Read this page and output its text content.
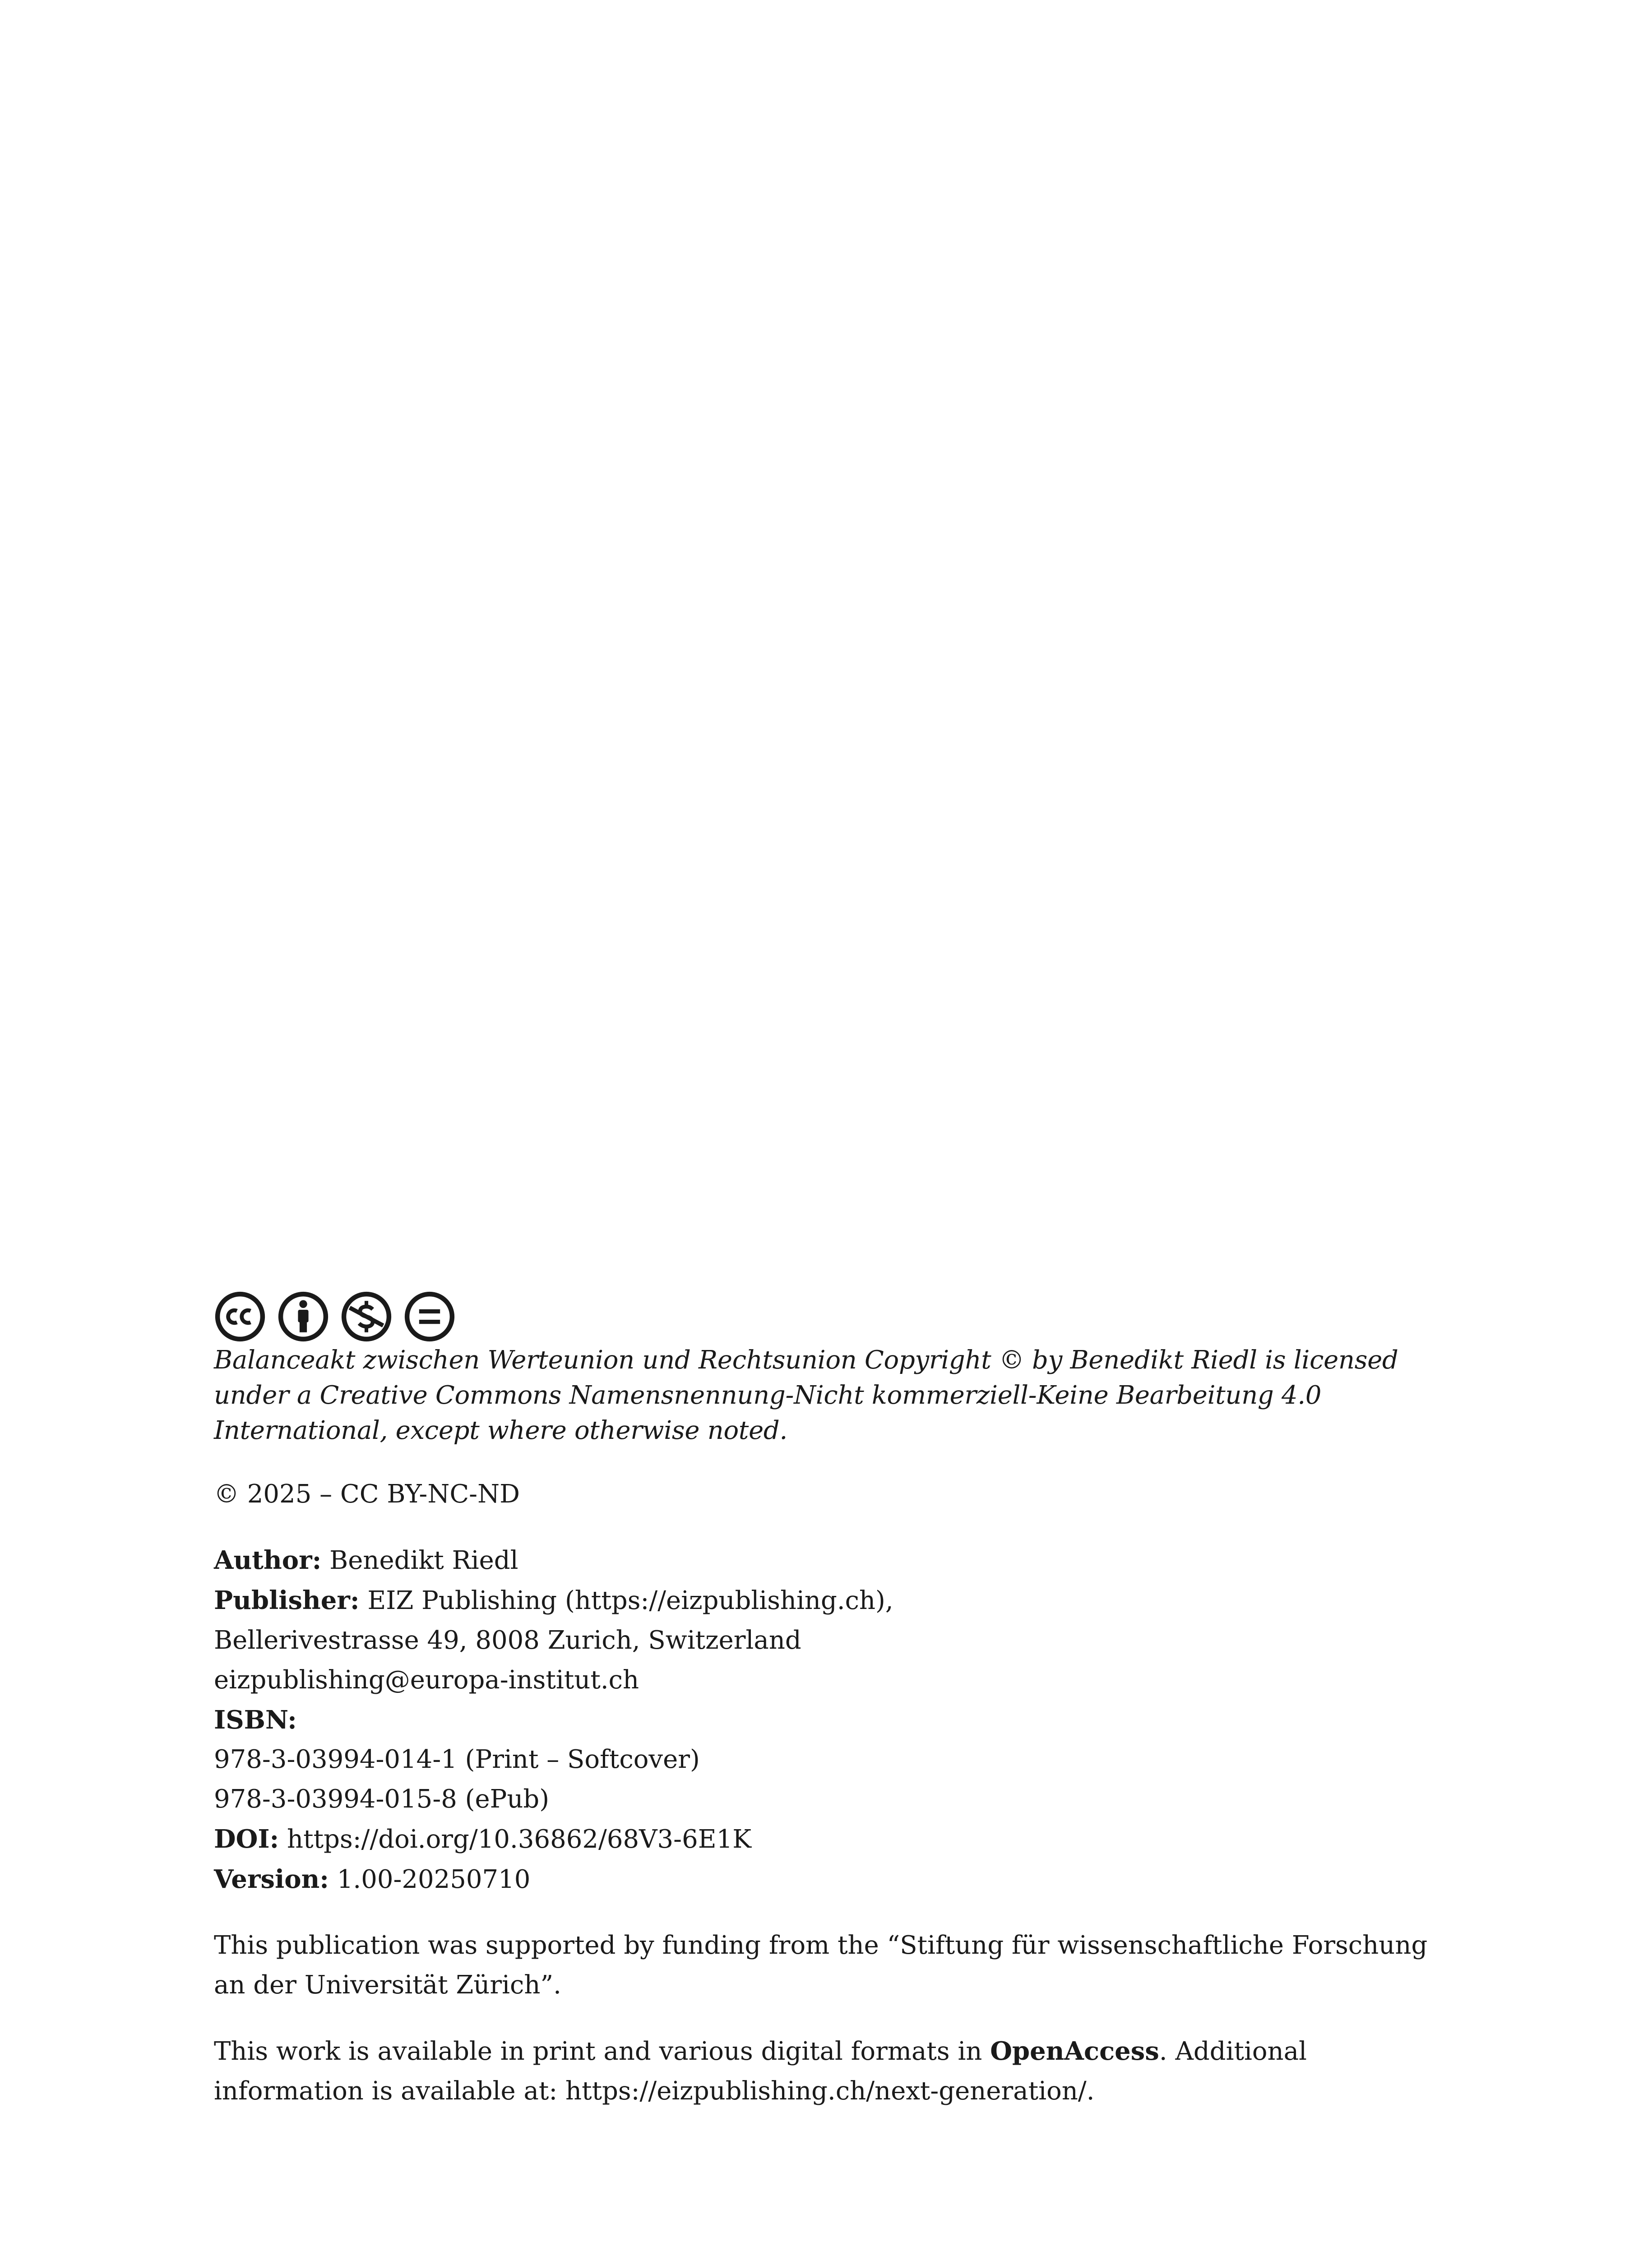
Balanceakt zwischen Werteunion und Rechtsunion Copyright © by Benedikt Riedl is licensed under a Creative Commons Namensnennung-Nicht kommerziell-Keine Bearbeitung 4.0 International, except where otherwise noted.

© 2025 – CC BY-NC-ND

Author: Benedikt Riedl
Publisher: EIZ Publishing (https://eizpublishing.ch),
Bellerivestrasse 49, 8008 Zurich, Switzerland
eizpublishing@europa-institut.ch
ISBN:
978-3-03994-014-1 (Print – Softcover)
978-3-03994-015-8 (ePub)
DOI: https://doi.org/10.36862/68V3-6E1K
Version: 1.00-20250710

This publication was supported by funding from the “Stiftung für wissenschaftliche Forschung an der Universität Zürich”.

This work is available in print and various digital formats in OpenAccess. Additional information is available at: https://eizpublishing.ch/next-generation/.
